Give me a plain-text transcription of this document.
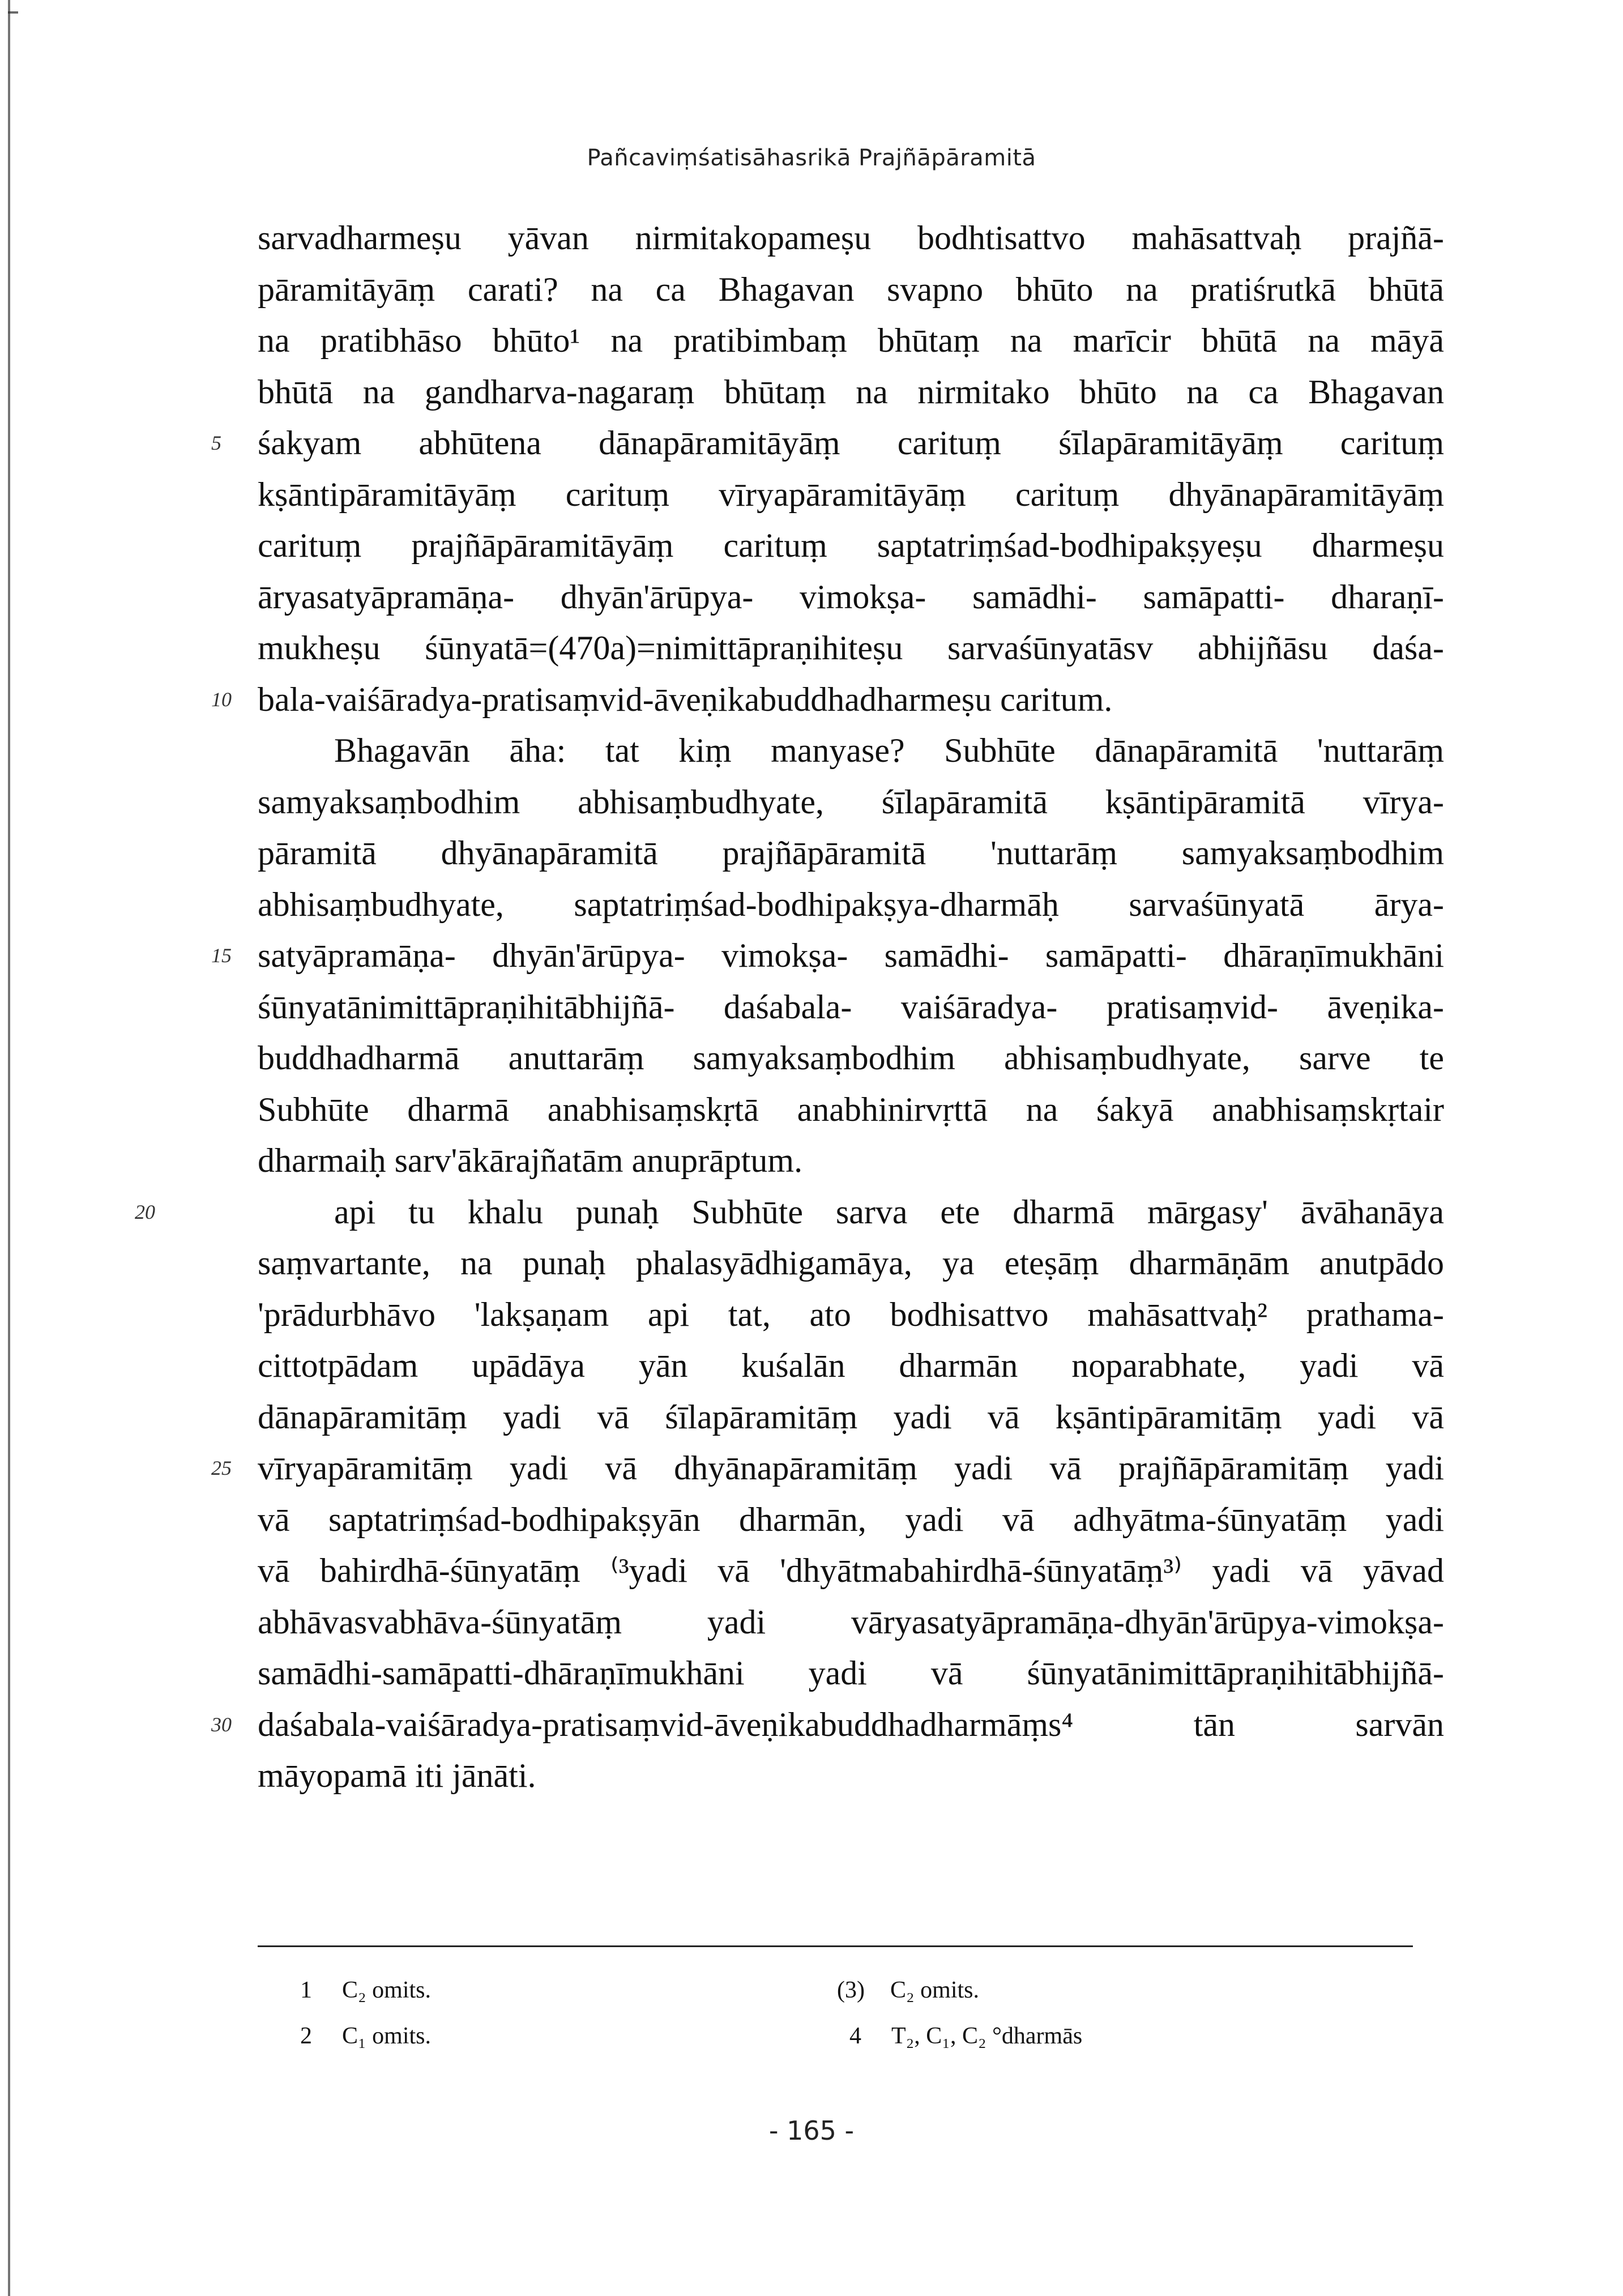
Pañcaviṃśatisāhasrikā Prajñāpāramitā
sarvadharmeṣu yāvan nirmitakopameṣu bodhtisattvo mahāsattvaḥ prajñā-
pāramitāyāṃ carati? na ca Bhagavan svapno bhūto na pratiśrutkā bhūtā
na pratibhāso bhūto¹ na pratibimbaṃ bhūtaṃ na marīcir bhūtā na māyā
bhūtā na gandharva-nagaraṃ bhūtaṃ na nirmitako bhūto na ca Bhagavan
5 śakyam abhūtena dānapāramitāyāṃ carituṃ śīlapāramitāyāṃ carituṃ
kṣāntipāramitāyāṃ carituṃ vīryapāramitāyāṃ carituṃ dhyānapāramitāyāṃ
carituṃ prajñāpāramitāyāṃ carituṃ saptatriṃśad-bodhipakṣyeṣu dharmeṣu
āryasatyāpramāṇa- dhyān'ārūpya- vimokṣa- samādhi- samāpatti- dharaṇī-
mukheṣu śūnyatā=(470a)=nimittāpraṇihiteṣu sarvaśūnyatāsv abhijñāsu daśa-
10 bala-vaiśāradya-pratisaṃvid-āveṇikabuddhadharmeṣu caritum.
Bhagavān āha: tat kiṃ manyase? Subhūte dānapāramitā 'nuttarāṃ
samyaksaṃbodhim abhisaṃbudhyate, śīlapāramitā kṣāntipāramitā vīrya-
pāramitā dhyānapāramitā prajñāpāramitā 'nuttarāṃ samyaksaṃbodhim
abhisaṃbudhyate, saptatriṃśad-bodhipakṣya-dharmāḥ sarvaśūnyatā ārya-
15 satyāpramāṇa- dhyān'ārūpya- vimokṣa- samādhi- samāpatti- dhāraṇīmukhāni
śūnyatānimittāpraṇihitābhijñā- daśabala- vaiśāradya- pratisaṃvid- āveṇika-
buddhadharmā anuttarāṃ samyaksaṃbodhim abhisaṃbudhyate, sarve te
Subhūte dharmā anabhisaṃskṛtā anabhinirvṛttā na śakyā anabhisaṃskṛtair
dharmaiḥ sarv'ākārajñatām anuprāptum.
20	api tu khalu punaḥ Subhūte sarva ete dharmā mārgasy' āvāhanāya
saṃvartante, na punaḥ phalasyādhigamāya, ya eteṣāṃ dharmāṇām anutpādo
'prādurbhāvo 'lakṣaṇam api tat, ato bodhisattvo mahāsattvaḥ² prathama-
cittotpādam upādāya yān kuśalān dharmān noparabhate, yadi vā
dānapāramitāṃ yadi vā śīlapāramitāṃ yadi vā kṣāntipāramitāṃ yadi vā
25 vīryapāramitāṃ yadi vā dhyānapāramitāṃ yadi vā prajñāpāramitāṃ yadi
vā saptatriṃśad-bodhipakṣyān dharmān, yadi vā adhyātma-śūnyatāṃ yadi
vā bahirdhā-śūnyatāṃ ⁽³yadi vā 'dhyātmabahirdhā-śūnyatāṃ³⁾ yadi vā yāvad
abhāvasvabhāva-śūnyatāṃ yadi vāryasatyāpramāṇa-dhyān'ārūpya-vimokṣa-
samādhi-samāpatti-dhāraṇīmukhāni yadi vā śūnyatānimittāpraṇihitābhijñā-
30 daśabala-vaiśāradya-pratisaṃvid-āveṇikabuddhadharmāṃs⁴ tān sarvān
māyopamā iti jānāti.
1 C₂ omits.
2 C₁ omits.
(3) C₂ omits.
4 T₂, C₁, C₂ °dharmās
- 165 -
